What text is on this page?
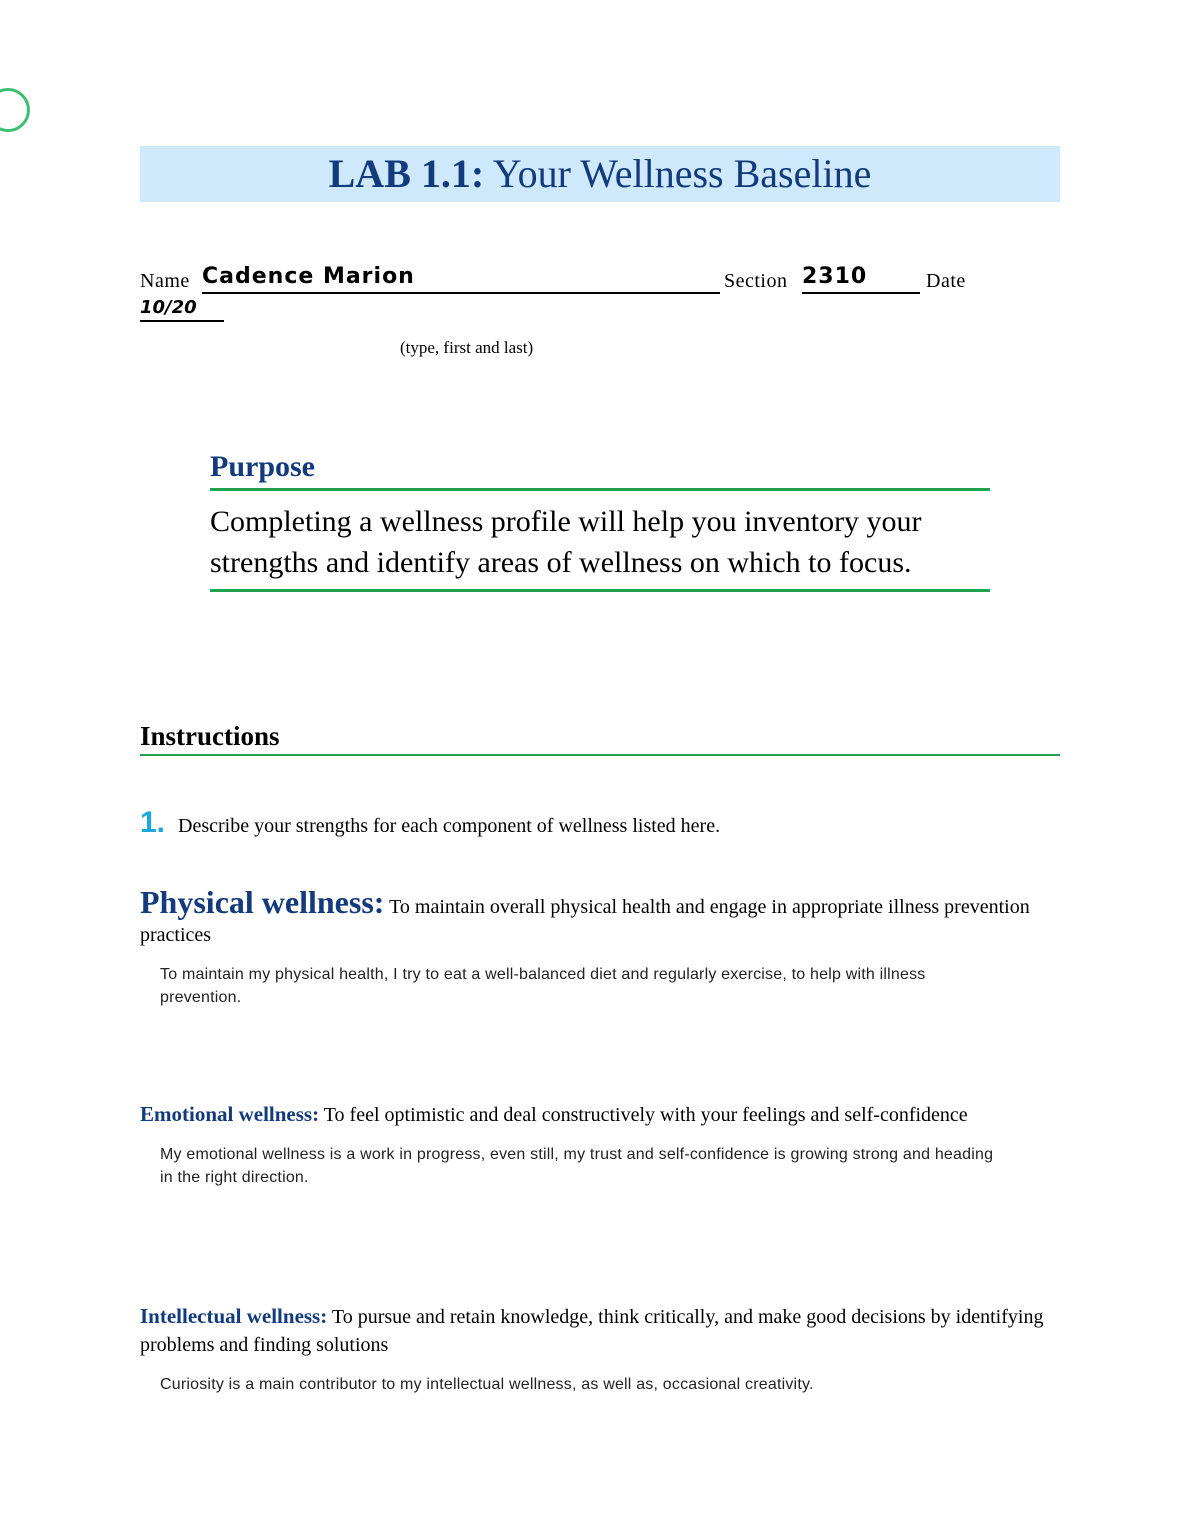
LAB 1.1: Your Wellness Baseline
Name Cadence Marion	Section 2310	Date
10/20
(type, first and last)
Purpose
Completing a wellness profile will help you inventory your strengths and identify areas of wellness on which to focus.
Instructions
1. Describe your strengths for each component of wellness listed here.
Physical wellness: To maintain overall physical health and engage in appropriate illness prevention practices
To maintain my physical health, I try to eat a well-balanced diet and regularly exercise, to help with illness prevention.
Emotional wellness: To feel optimistic and deal constructively with your feelings and self-confidence
My emotional wellness is a work in progress, even still, my trust and self-confidence is growing strong and heading in the right direction.
Intellectual wellness: To pursue and retain knowledge, think critically, and make good decisions by identifying problems and finding solutions
Curiosity is a main contributor to my intellectual wellness, as well as, occasional creativity.
